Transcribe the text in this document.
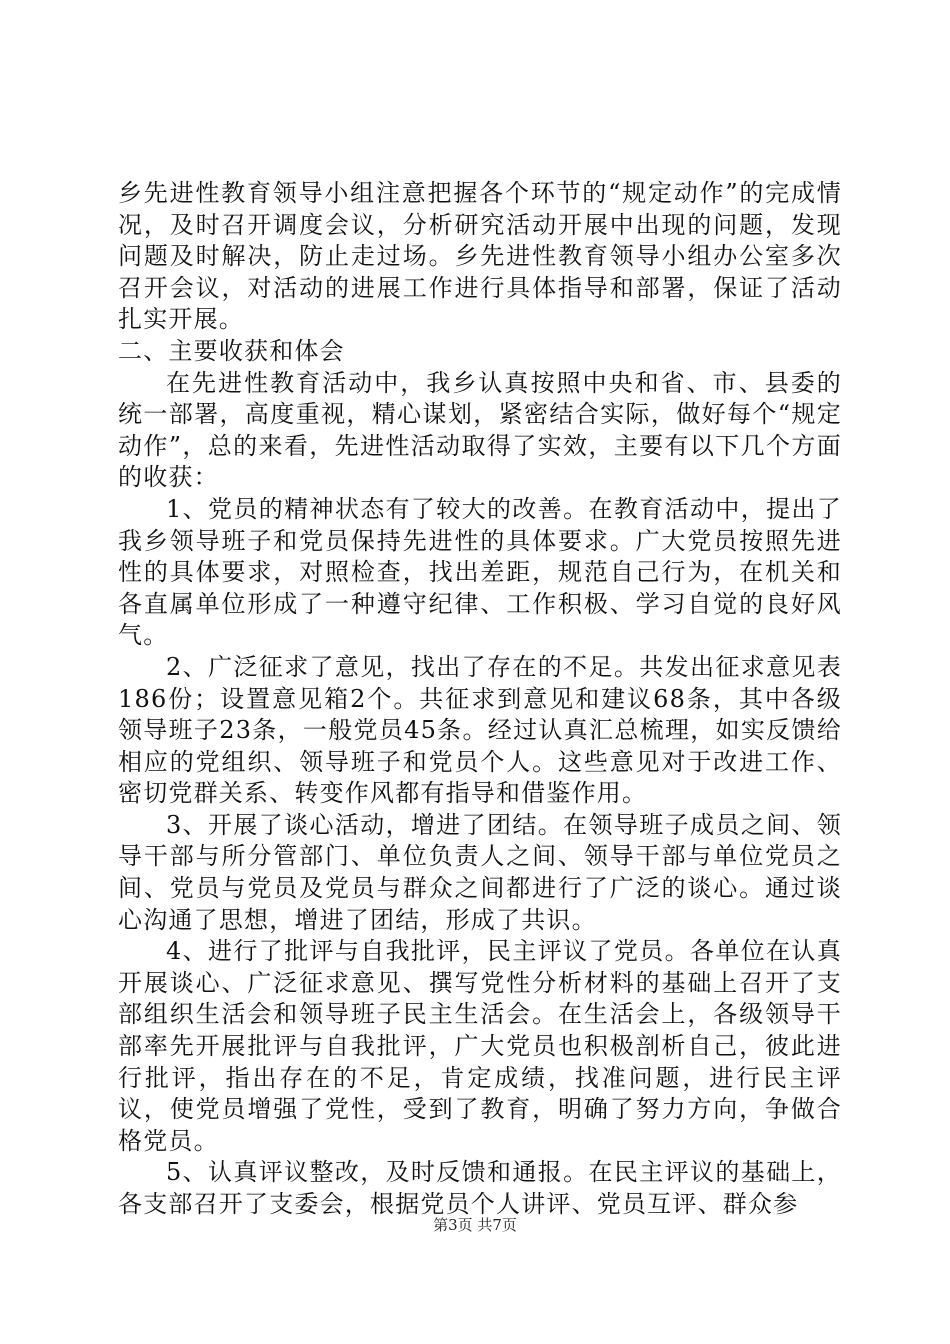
乡先进性教育领导小组注意把握各个环节的“规定动作”的完成情况，及时召开调度会议，分析研究活动开展中出现的问题，发现问题及时解决，防止走过场。乡先进性教育领导小组办公室多次召开会议，对活动的进展工作进行具体指导和部署，保证了活动扎实开展。

二、主要收获和体会

在先进性教育活动中，我乡认真按照中央和省、市、县委的统一部署，高度重视，精心谋划，紧密结合实际，做好每个“规定动作”，总的来看，先进性活动取得了实效，主要有以下几个方面的收获：

1、党员的精神状态有了较大的改善。在教育活动中，提出了我乡领导班子和党员保持先进性的具体要求。广大党员按照先进性的具体要求，对照检查，找出差距，规范自己行为，在机关和各直属单位形成了一种遵守纪律、工作积极、学习自觉的良好风气。

2、广泛征求了意见，找出了存在的不足。共发出征求意见表186份；设置意见箱2个。共征求到意见和建议68条，其中各级领导班子23条，一般党员45条。经过认真汇总梳理，如实反馈给相应的党组织、领导班子和党员个人。这些意见对于改进工作、密切党群关系、转变作风都有指导和借鉴作用。

3、开展了谈心活动，增进了团结。在领导班子成员之间、领导干部与所分管部门、单位负责人之间、领导干部与单位党员之间、党员与党员及党员与群众之间都进行了广泛的谈心。通过谈心沟通了思想，增进了团结，形成了共识。

4、进行了批评与自我批评，民主评议了党员。各单位在认真开展谈心、广泛征求意见、撰写党性分析材料的基础上召开了支部组织生活会和领导班子民主生活会。在生活会上，各级领导干部率先开展批评与自我批评，广大党员也积极剖析自己，彼此进行批评，指出存在的不足，肯定成绩，找准问题，进行民主评议，使党员增强了党性，受到了教育，明确了努力方向，争做合格党员。

5、认真评议整改，及时反馈和通报。在民主评议的基础上，各支部召开了支委会，根据党员个人讲评、党员互评、群众参

第3页 共7页
